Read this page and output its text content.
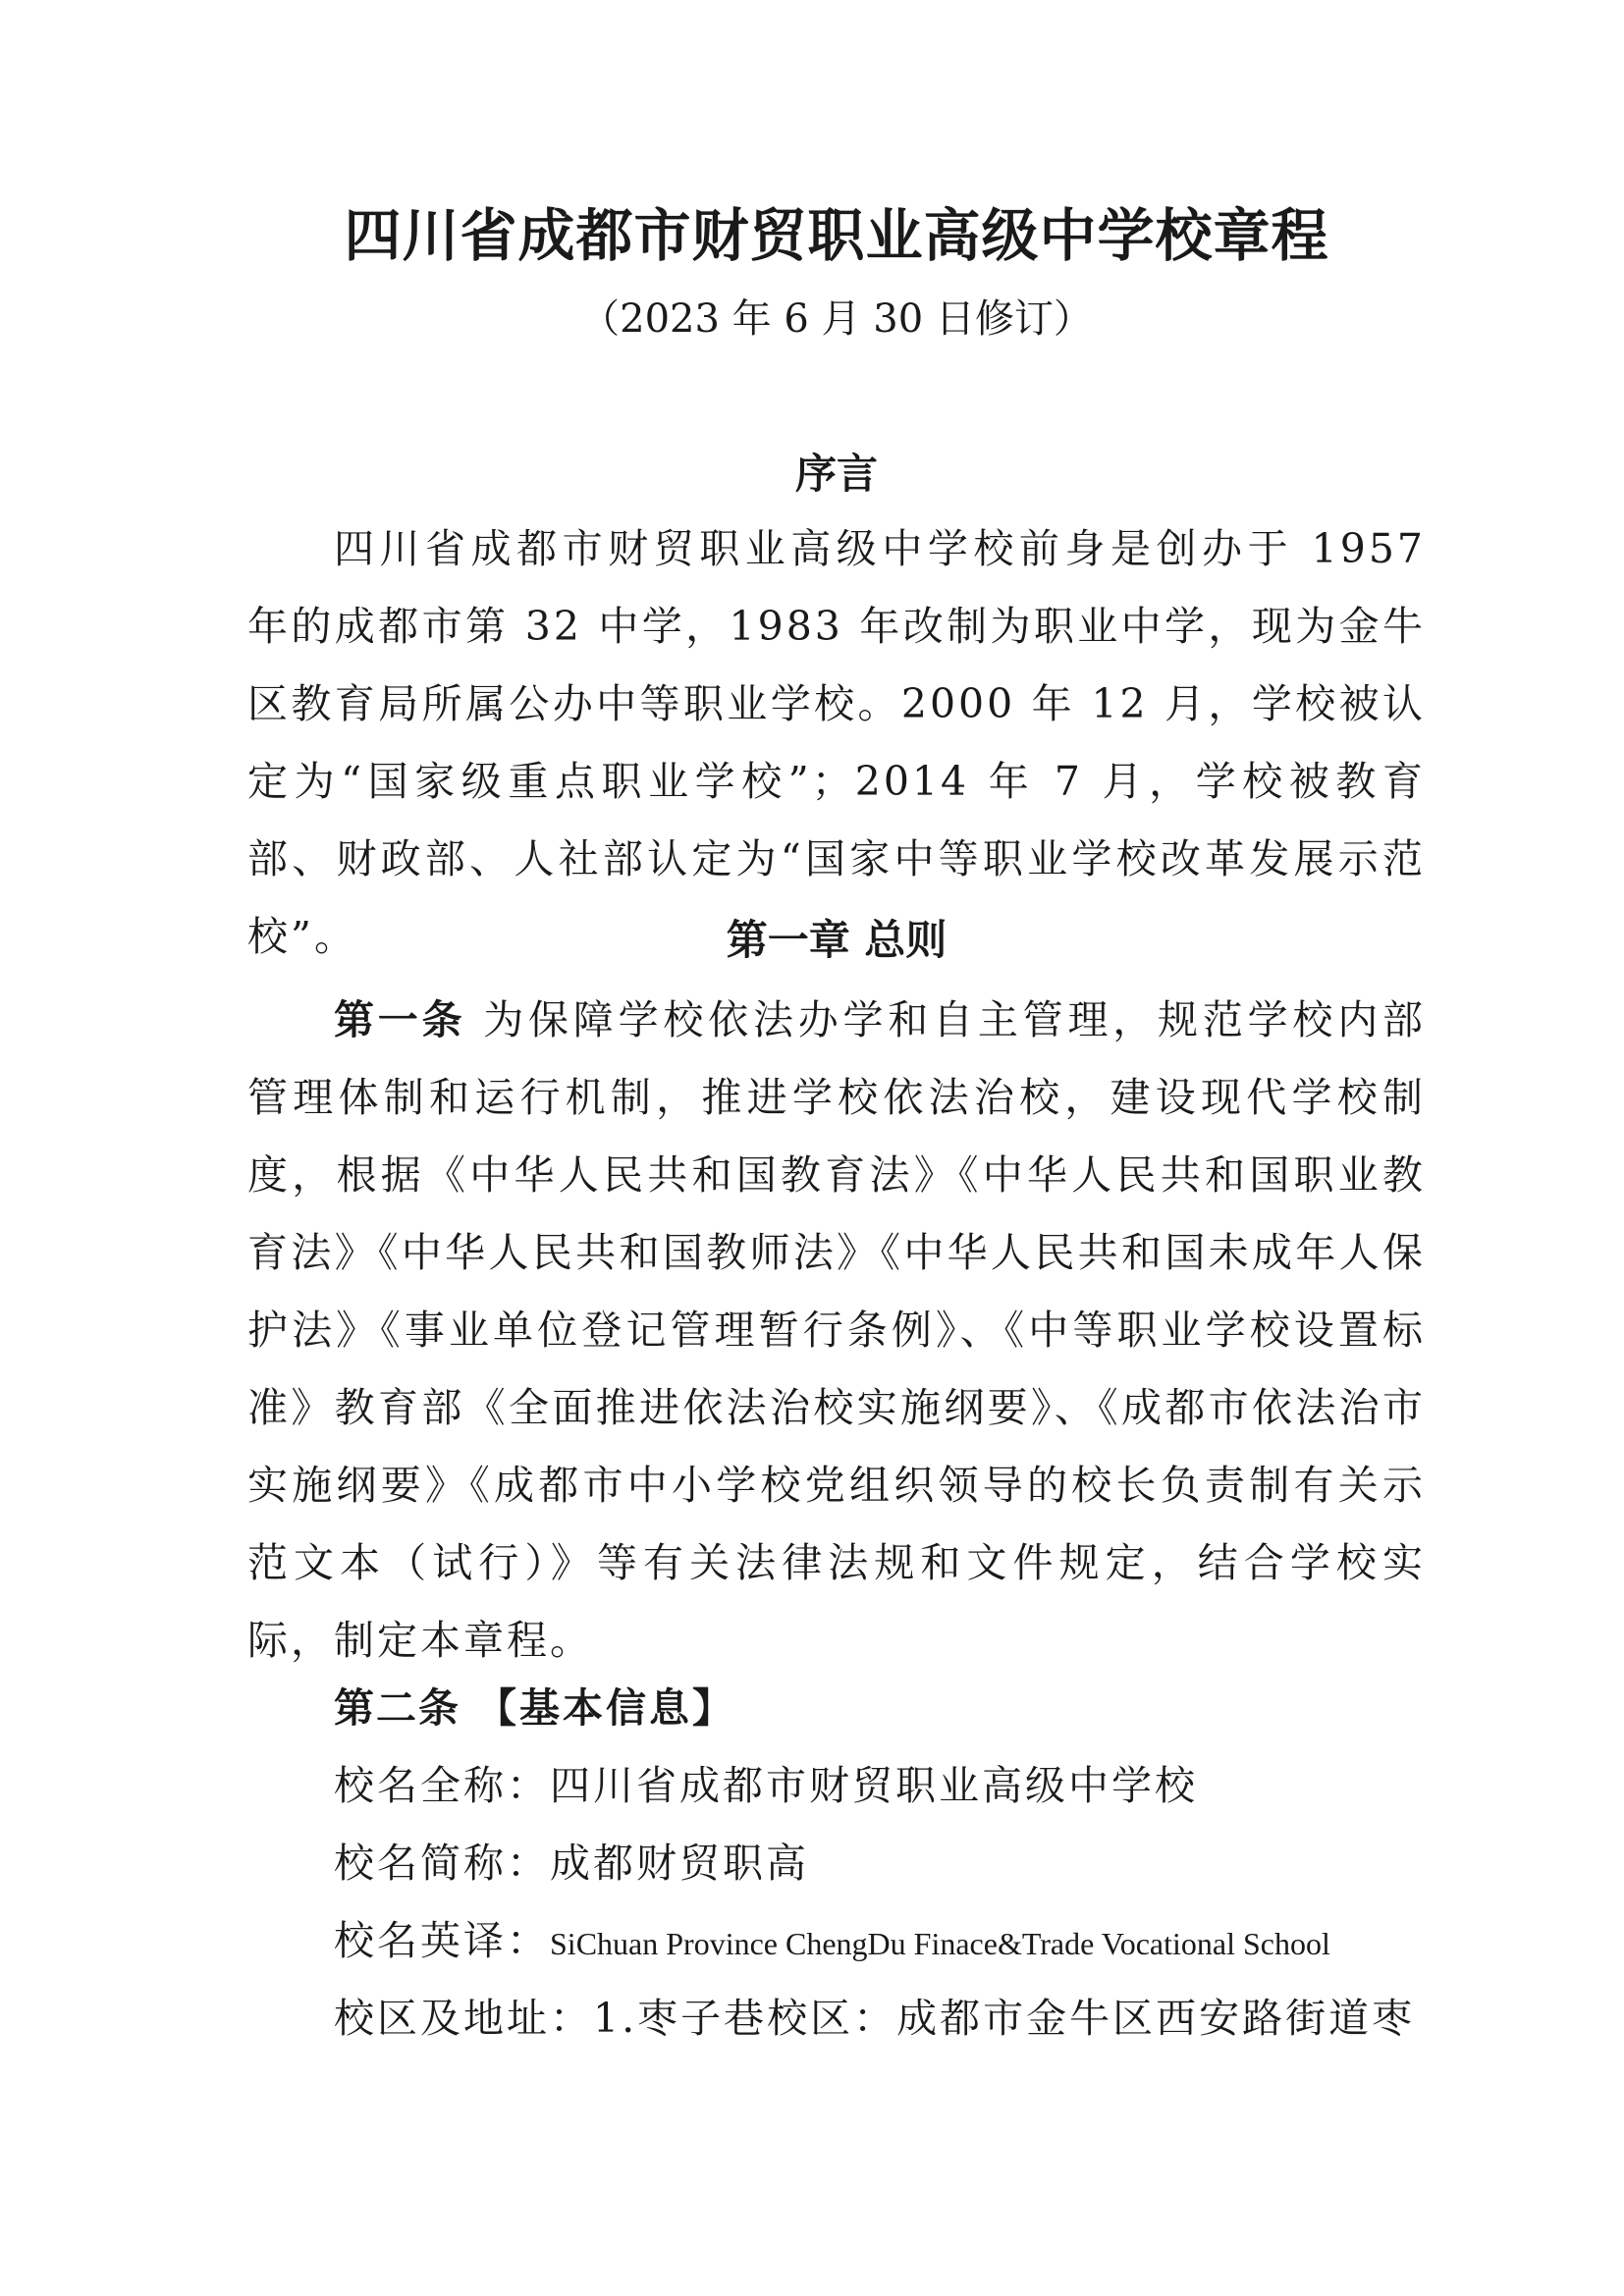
四川省成都市财贸职业高级中学校章程

（2023 年 6 月 30 日修订）

序言

四川省成都市财贸职业高级中学校前身是创办于 1957 年的成都市第 32 中学，1983 年改制为职业中学，现为金牛区教育局所属公办中等职业学校。2000 年 12 月，学校被认定为“国家级重点职业学校”；2014 年 7 月，学校被教育部、财政部、人社部认定为“国家中等职业学校改革发展示范校”。	第一章 总则

第一条 为保障学校依法办学和自主管理，规范学校内部管理体制和运行机制，推进学校依法治校，建设现代学校制度，根据《中华人民共和国教育法》《中华人民共和国职业教育法》《中华人民共和国教师法》《中华人民共和国未成年人保护法》《事业单位登记管理暂行条例》、《中等职业学校设置标准》教育部《全面推进依法治校实施纲要》、《成都市依法治市实施纲要》《成都市中小学校党组织领导的校长负责制有关示范文本（试行）》等有关法律法规和文件规定，结合学校实际，制定本章程。

第二条 【基本信息】

校名全称：四川省成都市财贸职业高级中学校

校名简称：成都财贸职高

校名英译：SiChuan Province ChengDu Finace&Trade Vocational School

校区及地址：1.枣子巷校区：成都市金牛区西安路街道枣
